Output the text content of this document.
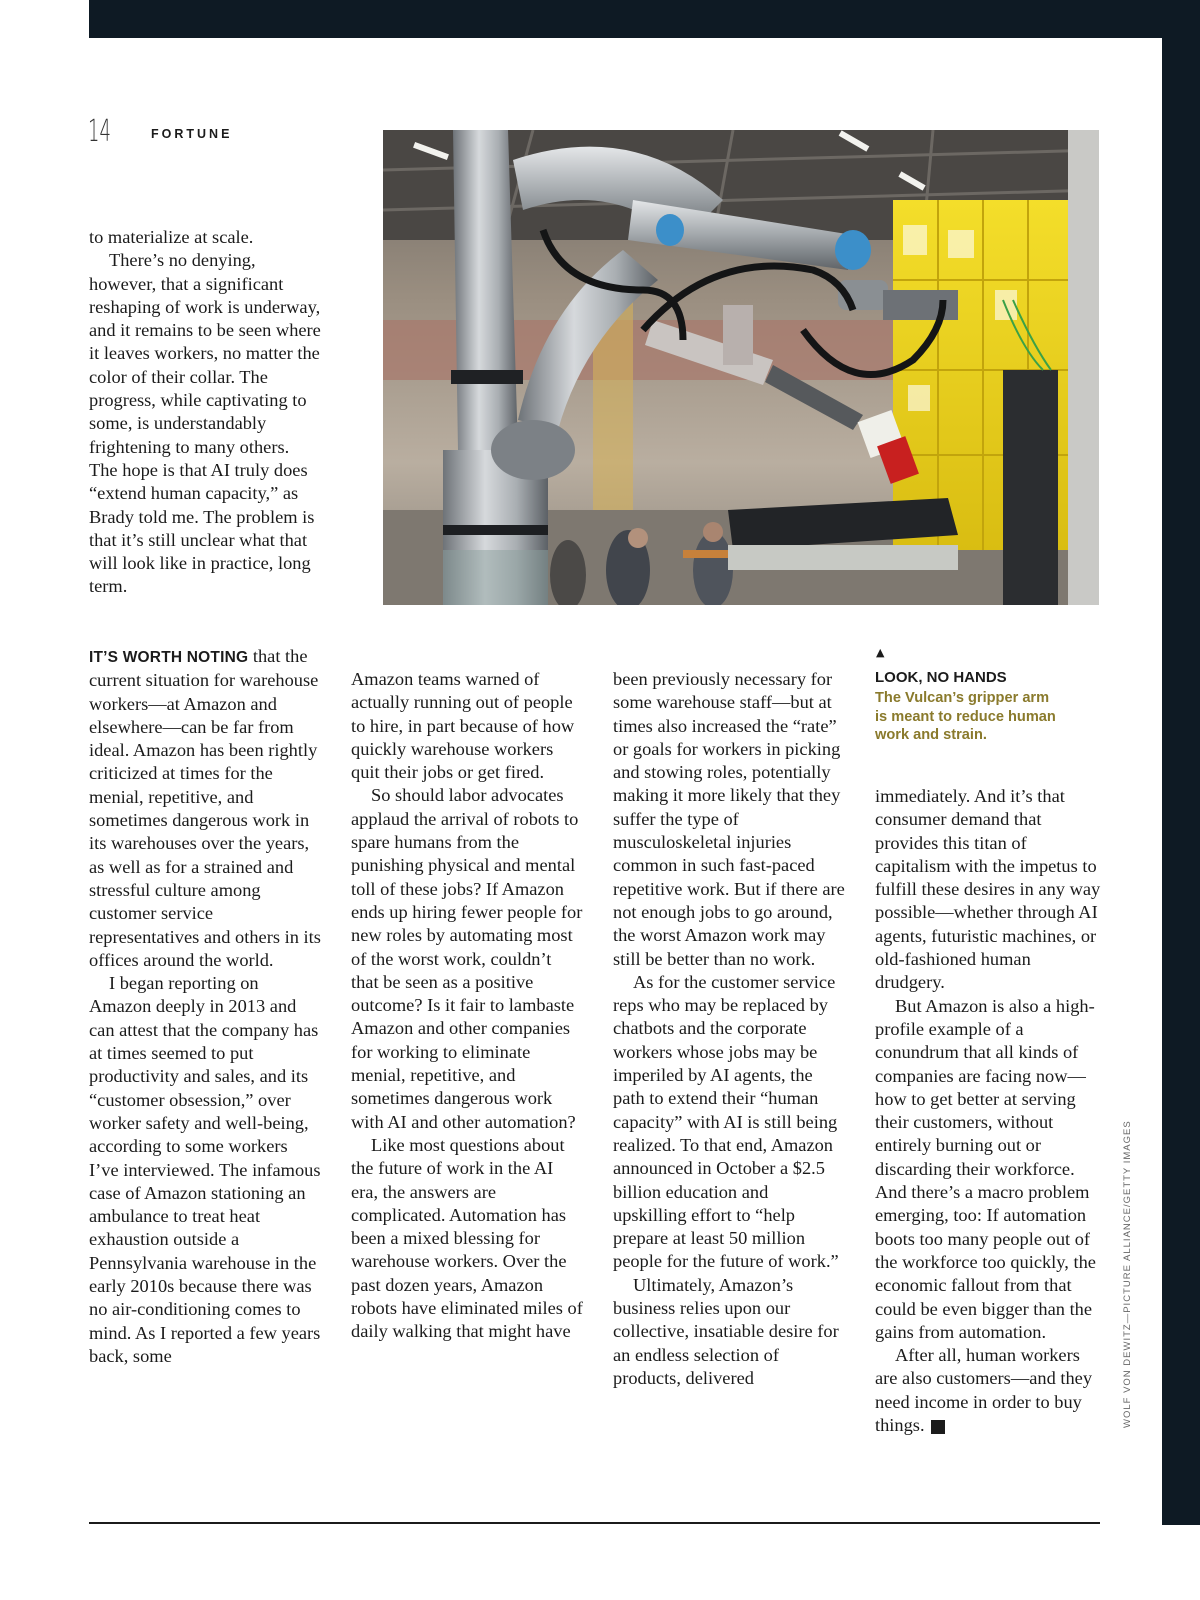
14	FORTUNE

to materialize at scale.

There’s no denying, however, that a significant reshaping of work is underway, and it remains to be seen where it leaves workers, no matter the color of their collar. The progress, while captivating to some, is understandably frightening to many others. The hope is that AI truly does “extend human capacity,” as Brady told me. The problem is that it’s still unclear what that will look like in practice, long term.

IT’S WORTH NOTING that the current situation for warehouse workers—at Amazon and elsewhere—can be far from ideal. Amazon has been rightly criticized at times for the menial, repetitive, and sometimes dangerous work in its warehouses over the years, as well as for a strained and stressful culture among customer service representatives and others in its offices around the world.

I began reporting on Amazon deeply in 2013 and can attest that the company has at times seemed to put productivity and sales, and its “customer obsession,” over worker safety and well-being, according to some workers I’ve interviewed. The infamous case of Amazon stationing an ambulance to treat heat exhaustion outside a Pennsylvania warehouse in the early 2010s because there was no air-conditioning comes to mind. As I reported a few years back, some

Amazon teams warned of actually running out of people to hire, in part because of how quickly warehouse workers quit their jobs or get fired.

So should labor advocates applaud the arrival of robots to spare humans from the punishing physical and mental toll of these jobs? If Amazon ends up hiring fewer people for new roles by automating most of the worst work, couldn’t that be seen as a positive outcome? Is it fair to lambaste Amazon and other companies for working to eliminate menial, repetitive, and sometimes dangerous work with AI and other automation?

Like most questions about the future of work in the AI era, the answers are complicated. Automation has been a mixed blessing for warehouse workers. Over the past dozen years, Amazon robots have eliminated miles of daily walking that might have

been previously necessary for some warehouse staff—but at times also increased the “rate” or goals for workers in picking and stowing roles, potentially making it more likely that they suffer the type of musculoskeletal injuries common in such fast-paced repetitive work. But if there are not enough jobs to go around, the worst Amazon work may still be better than no work.

As for the customer service reps who may be replaced by chatbots and the corporate workers whose jobs may be imperiled by AI agents, the path to extend their “human capacity” with AI is still being realized. To that end, Amazon announced in October a $2.5 billion education and upskilling effort to “help prepare at least 50 million people for the future of work.”

Ultimately, Amazon’s business relies upon our collective, insatiable desire for an endless selection of products, delivered

▲
LOOK, NO HANDS
The Vulcan’s gripper arm is meant to reduce human work and strain.

immediately. And it’s that consumer demand that provides this titan of capitalism with the impetus to fulfill these desires in any way possible—whether through AI agents, futuristic machines, or old-fashioned human drudgery.

But Amazon is also a high-profile example of a conundrum that all kinds of companies are facing now—how to get better at serving their customers, without entirely burning out or discarding their workforce. And there’s a macro problem emerging, too: If automation boots too many people out of the workforce too quickly, the economic fallout from that could be even bigger than the gains from automation.

After all, human workers are also customers—and they need income in order to buy things. F	WOLF VON DEWITZ—PICTURE ALLIANCE/GETTY IMAGES
